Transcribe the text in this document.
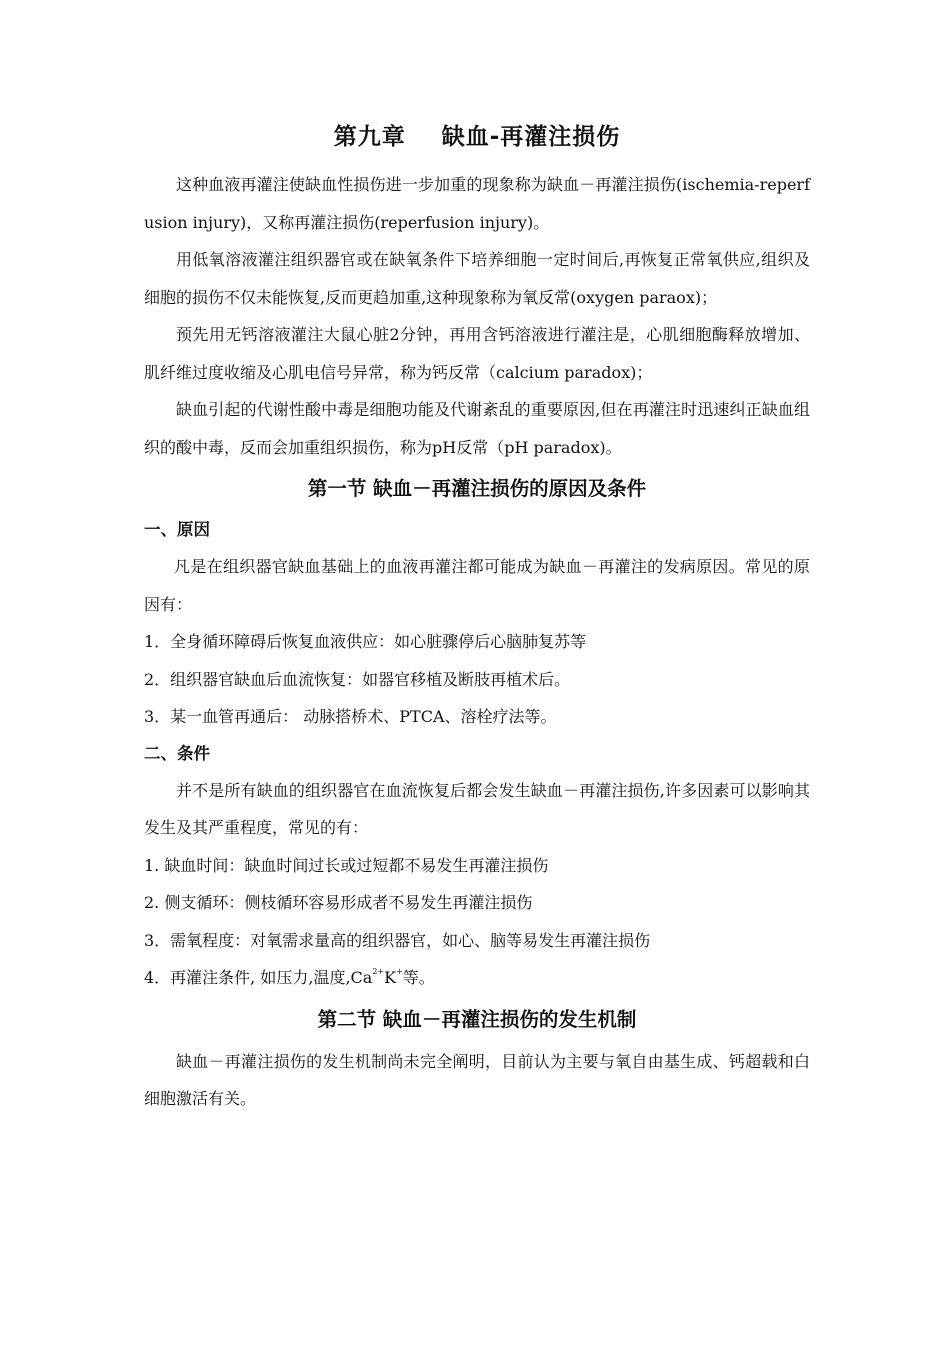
第九章    缺血-再灌注损伤

这种血液再灌注使缺血性损伤进一步加重的现象称为缺血－再灌注损伤(ischemia-reperfusion injury)，又称再灌注损伤(reperfusion injury)。

用低氧溶液灌注组织器官或在缺氧条件下培养细胞一定时间后,再恢复正常氧供应,组织及细胞的损伤不仅未能恢复,反而更趋加重,这种现象称为氧反常(oxygen paraox)；

预先用无钙溶液灌注大鼠心脏2分钟，再用含钙溶液进行灌注是，心肌细胞酶释放增加、肌纤维过度收缩及心肌电信号异常，称为钙反常（calcium paradox)；

缺血引起的代谢性酸中毒是细胞功能及代谢紊乱的重要原因,但在再灌注时迅速纠正缺血组织的酸中毒，反而会加重组织损伤，称为pH反常（pH paradox)。

第一节 缺血－再灌注损伤的原因及条件
一、原因

凡是在组织器官缺血基础上的血液再灌注都可能成为缺血－再灌注的发病原因。常见的原因有：

1．全身循环障碍后恢复血液供应：如心脏骤停后心脑肺复苏等

2．组织器官缺血后血流恢复：如器官移植及断肢再植术后。

3．某一血管再通后： 动脉搭桥术、PTCA、溶栓疗法等。

二、条件

并不是所有缺血的组织器官在血流恢复后都会发生缺血－再灌注损伤,许多因素可以影响其发生及其严重程度，常见的有：

1. 缺血时间：缺血时间过长或过短都不易发生再灌注损伤

2. 侧支循环：侧枝循环容易形成者不易发生再灌注损伤

3．需氧程度：对氧需求量高的组织器官，如心、脑等易发生再灌注损伤

4．再灌注条件, 如压力,温度$,Ca^{2+}K^+$等。

第二节 缺血－再灌注损伤的发生机制

缺血－再灌注损伤的发生机制尚未完全阐明，目前认为主要与氧自由基生成、钙超载和白细胞激活有关。
